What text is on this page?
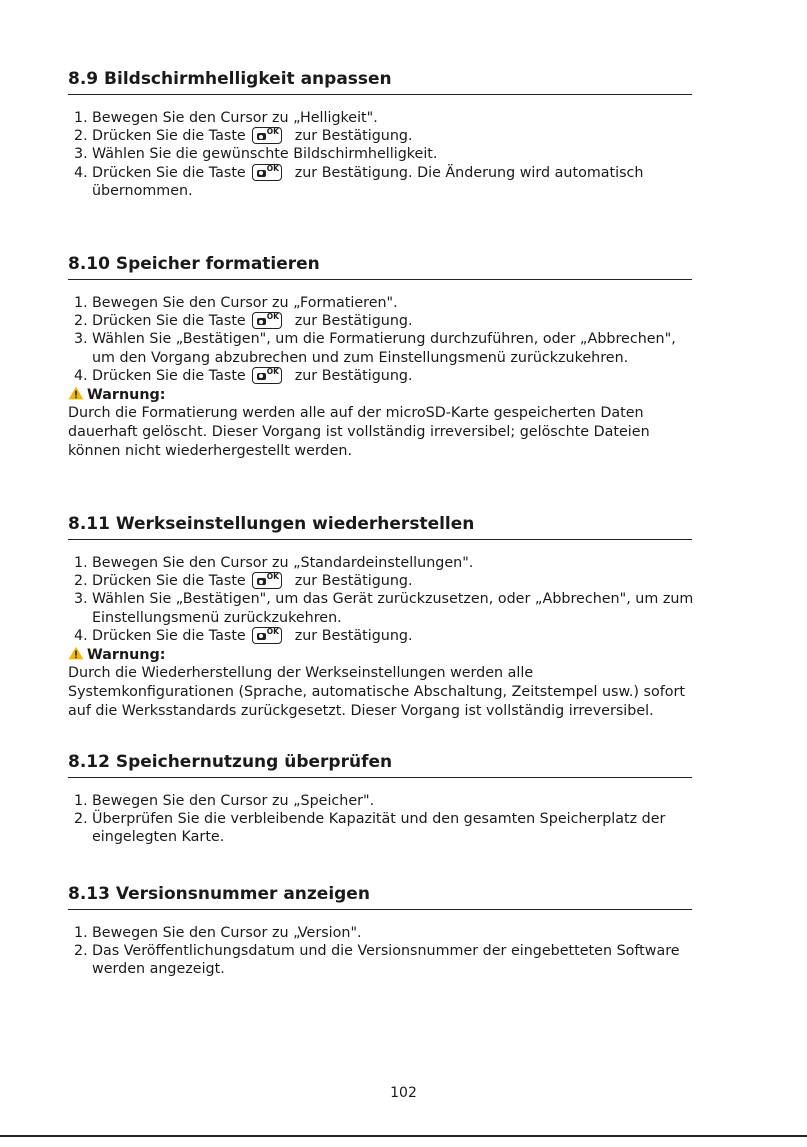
8.9 Bildschirmhelligkeit anpassen
1. Bewegen Sie den Cursor zu „Helligkeit".
2. Drücken Sie die Taste	OK zur Bestätigung.
3. Wählen Sie die gewünschte Bildschirmhelligkeit.
4. Drücken Sie die Taste	OK zur Bestätigung. Die Änderung wird automatisch
übernommen.
8.10 Speicher formatieren
1. Bewegen Sie den Cursor zu „Formatieren".
2. Drücken Sie die Taste	OK zur Bestätigung.
3. Wählen Sie „Bestätigen", um die Formatierung durchzuführen, oder „Abbrechen",
um den Vorgang abzubrechen und zum Einstellungsmenü zurückzukehren.
4. Drücken Sie die Taste	OK zur Bestätigung.
Warnung:
Durch die Formatierung werden alle auf der microSD-Karte gespeicherten Daten
dauerhaft gelöscht. Dieser Vorgang ist vollständig irreversibel; gelöschte Dateien
können nicht wiederhergestellt werden.
8.11 Werkseinstellungen wiederherstellen
1. Bewegen Sie den Cursor zu „Standardeinstellungen".
2. Drücken Sie die Taste	OK zur Bestätigung.
3. Wählen Sie „Bestätigen", um das Gerät zurückzusetzen, oder „Abbrechen", um zum
Einstellungsmenü zurückzukehren.
4. Drücken Sie die Taste	OK zur Bestätigung.
Warnung:
Durch die Wiederherstellung der Werkseinstellungen werden alle
Systemkonfigurationen (Sprache, automatische Abschaltung, Zeitstempel usw.) sofort
auf die Werksstandards zurückgesetzt. Dieser Vorgang ist vollständig irreversibel.
8.12 Speichernutzung überprüfen
1. Bewegen Sie den Cursor zu „Speicher".
2. Überprüfen Sie die verbleibende Kapazität und den gesamten Speicherplatz der
eingelegten Karte.
8.13 Versionsnummer anzeigen
1. Bewegen Sie den Cursor zu „Version".
2. Das Veröffentlichungsdatum und die Versionsnummer der eingebetteten Software
werden angezeigt.
102
